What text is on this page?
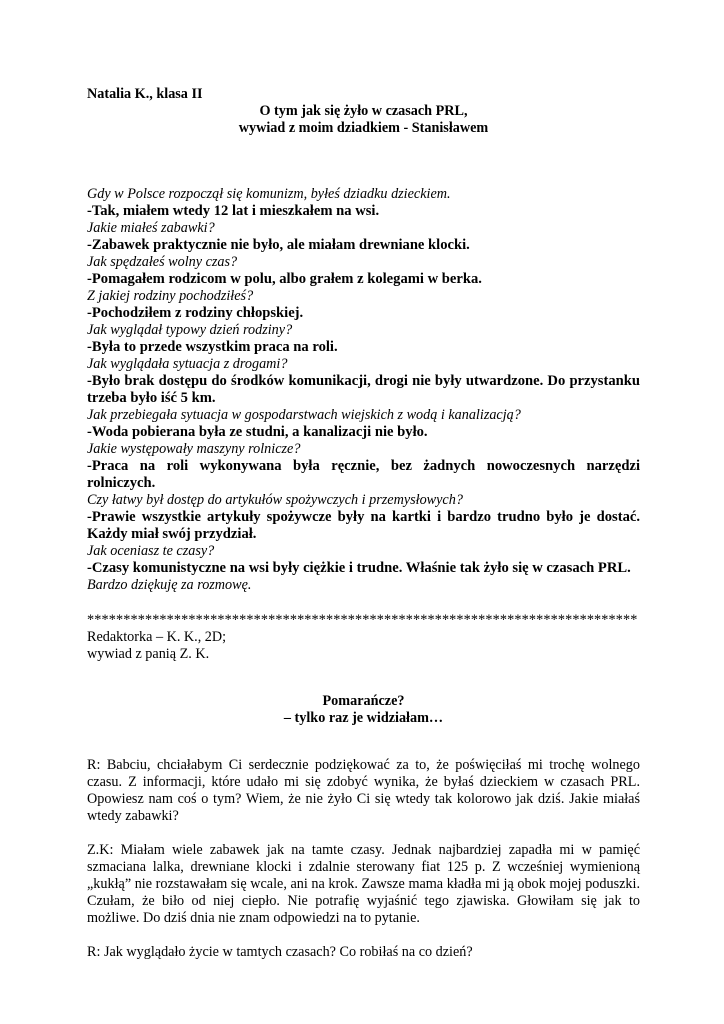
Natalia K., klasa II

O tym jak się żyło w czasach PRL,

wywiad z moim dziadkiem - Stanisławem

Gdy w Polsce rozpoczął się komunizm, byłeś dziadku dzieckiem.

-Tak, miałem wtedy 12 lat i mieszkałem na wsi.

Jakie miałeś zabawki?

-Zabawek praktycznie nie było, ale miałam drewniane klocki.

Jak spędzałeś wolny czas?

-Pomagałem rodzicom w polu, albo grałem z kolegami w berka.

Z jakiej rodziny pochodziłeś?

-Pochodziłem z rodziny chłopskiej.

Jak wyglądał typowy dzień rodziny?

-Była to przede wszystkim praca na roli.

Jak wyglądała sytuacja z drogami?

-Było brak dostępu do środków komunikacji, drogi nie były utwardzone. Do przystanku trzeba było iść 5 km.

Jak przebiegała sytuacja w gospodarstwach wiejskich z wodą i kanalizacją?

-Woda pobierana była ze studni, a kanalizacji nie było.

Jakie występowały maszyny rolnicze?

-Praca na roli wykonywana była ręcznie, bez żadnych nowoczesnych narzędzi rolniczych.

Czy łatwy był dostęp do artykułów spożywczych i przemysłowych?

-Prawie wszystkie artykuły spożywcze były na kartki i bardzo trudno było je dostać. Każdy miał swój przydział.

Jak oceniasz te czasy?

-Czasy komunistyczne na wsi były ciężkie i trudne. Właśnie tak żyło się w czasach PRL.

Bardzo dziękuję za rozmowę.

****************************************************************************

Redaktorka – K. K., 2D;

wywiad z panią Z. K.

Pomarańcze?

– tylko raz je widziałam…

R: Babciu, chciałabym Ci serdecznie podziękować za to, że poświęciłaś mi trochę wolnego czasu. Z informacji, które udało mi się zdobyć wynika, że byłaś dzieckiem w czasach PRL. Opowiesz nam coś o tym? Wiem, że nie żyło Ci się wtedy tak kolorowo jak dziś. Jakie miałaś wtedy zabawki?

Z.K: Miałam wiele zabawek jak na tamte czasy. Jednak najbardziej zapadła mi w pamięć szmaciana lalka, drewniane klocki i zdalnie sterowany fiat 125 p. Z wcześniej wymienioną „kukłą” nie rozstawałam się wcale, ani na krok. Zawsze mama kładła mi ją obok mojej poduszki. Czułam, że biło od niej ciepło. Nie potrafię wyjaśnić tego zjawiska. Głowiłam się jak to możliwe. Do dziś dnia nie znam odpowiedzi na to pytanie.

R: Jak wyglądało życie w tamtych czasach? Co robiłaś na co dzień?
